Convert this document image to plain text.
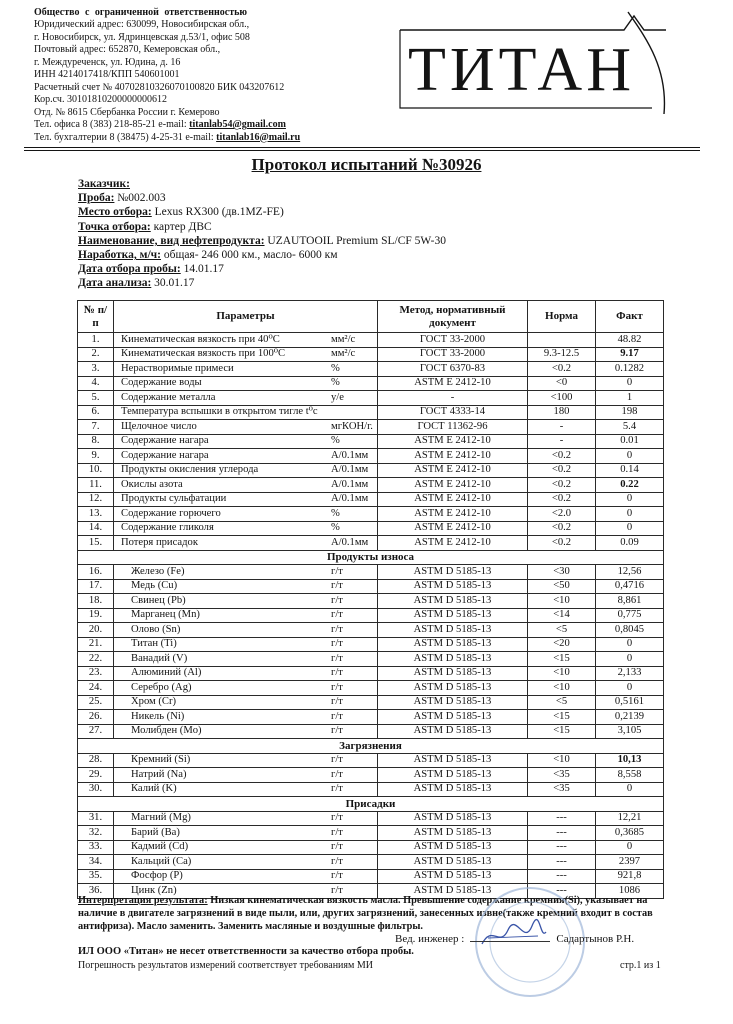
Общество с ограниченной ответственностью
Юридический адрес: 630099, Новосибирская обл.,
г. Новосибирск, ул. Ядринцевская д.53/1, офис 508
Почтовый адрес: 652870, Кемеровская обл.,
г. Междуреченск, ул. Юдина, д. 16
ИНН 4214017418/КПП 540601001
Расчетный счет № 40702810326070100820 БИК 043207612
Кор.сч. 30101810200000000612
Отд. № 8615 Сбербанка России г. Кемерово
Тел. офиса 8 (383) 218-85-21 e-mail: titanlab54@gmail.com
Тел. бухгалтерии 8 (38475) 4-25-31 e-mail: titanlab16@mail.ru
ТИТАН
Протокол испытаний №30926
Заказчик:
Проба: №002.003
Место отбора: Lexus RX300 (дв.1MZ-FE)
Точка отбора: картер ДВС
Наименование, вид нефтепродукта: UZAUTOOIL Premium SL/CF 5W-30
Наработка, м/ч: общая- 246 000 км., масло- 6000 км
Дата отбора пробы: 14.01.17
Дата анализа: 30.01.17
№ п/п	Параметры	Метод, нормативный документ	Норма	Факт
1.	Кинематическая вязкость при 40⁰С мм²/с	ГОСТ 33-2000		48.82
2.	Кинематическая вязкость при 100⁰С мм²/с	ГОСТ 33-2000	9.3-12.5	9.17
3.	Нерастворимые примеси %	ГОСТ 6370-83	<0.2	0.1282
4.	Содержание воды %	ASTM E 2412-10	<0	0
5.	Содержание металла у/е	-	<100	1
6.	Температура вспышки в открытом тигле t⁰с	ГОСТ 4333-14	180	198
7.	Щелочное число мгКОН/г.	ГОСТ 11362-96	-	5.4
8.	Содержание нагара %	ASTM E 2412-10	-	0.01
9.	Содержание нагара А/0.1мм	ASTM E 2412-10	<0.2	0
10.	Продукты окисления углерода А/0.1мм	ASTM E 2412-10	<0.2	0.14
11.	Окислы азота А/0.1мм	ASTM E 2412-10	<0.2	0.22
12.	Продукты сульфатации А/0.1мм	ASTM E 2412-10	<0.2	0
13.	Содержание горючего %	ASTM E 2412-10	<2.0	0
14.	Содержание гликоля %	ASTM E 2412-10	<0.2	0
15.	Потеря присадок А/0.1мм	ASTM E 2412-10	<0.2	0.09
Продукты износа				
16.	Железо (Fe) г/т	ASTM D 5185-13	<30	12,56
17.	Медь (Cu) г/т	ASTM D 5185-13	<50	0,4716
18.	Свинец (Pb) г/т	ASTM D 5185-13	<10	8,861
19.	Марганец (Mn) г/т	ASTM D 5185-13	<14	0,775
20.	Олово (Sn) г/т	ASTM D 5185-13	<5	0,8045
21.	Титан (Ti) г/т	ASTM D 5185-13	<20	0
22.	Ванадий (V) г/т	ASTM D 5185-13	<15	0
23.	Алюминий (Al) г/т	ASTM D 5185-13	<10	2,133
24.	Серебро (Ag) г/т	ASTM D 5185-13	<10	0
25.	Хром (Cr) г/т	ASTM D 5185-13	<5	0,5161
26.	Никель (Ni) г/т	ASTM D 5185-13	<15	0,2139
27.	Молибден (Mo) г/т	ASTM D 5185-13	<15	3,105
Загрязнения				
28.	Кремний (Si) г/т	ASTM D 5185-13	<10	10,13
29.	Натрий (Na) г/т	ASTM D 5185-13	<35	8,558
30.	Калий (K) г/т	ASTM D 5185-13	<35	0
Присадки				
31.	Магний (Mg) г/т	ASTM D 5185-13	---	12,21
32.	Барий (Ba) г/т	ASTM D 5185-13	---	0,3685
33.	Кадмий (Cd) г/т	ASTM D 5185-13	---	0
34.	Кальций (Ca) г/т	ASTM D 5185-13	---	2397
35.	Фосфор (P) г/т	ASTM D 5185-13	---	921,8
36.	Цинк (Zn) г/т	ASTM D 5185-13	---	1086
Интерпретация результата: Низкая кинематическая вязкость масла. Превышение содержание кремния(Si), указывает на наличие в двигателе загрязнений в виде пыли, или, других загрязнений, занесенных извне(также кремний входит в состав антифриза). Масло заменить. Заменить масляные и воздушные фильтры.
Вед. инженер :	Садартынов Р.Н.
ИЛ ООО «Титан» не несет ответственности за качество отбора пробы.
Погрешность результатов измерений соответствует требованиям МИ	стр.1 из 1
